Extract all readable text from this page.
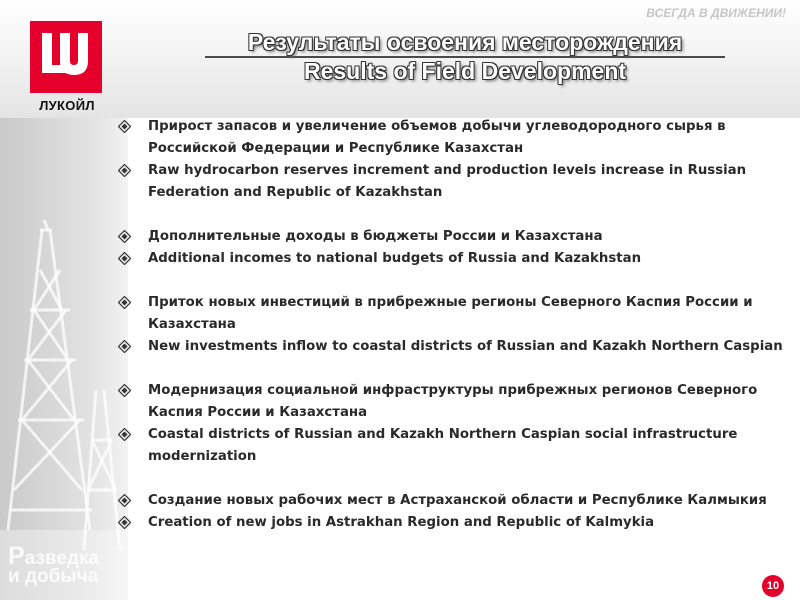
ВСЕГДА В ДВИЖЕНИИ!
ЛУКОЙЛ
Результаты освоения месторождения
Results of Field Development
Прирост запасов и увеличение объемов добычи углеводородного сырья в Российской Федерации и Республике Казахстан
Raw hydrocarbon reserves increment and production levels increase in Russian Federation and Republic of Kazakhstan
Дополнительные доходы в бюджеты России и Казахстана
Additional incomes to national budgets of Russia and Kazakhstan
Приток новых инвестиций в прибрежные регионы Северного Каспия России и Казахстана
New investments inflow to coastal districts of Russian and Kazakh Northern Caspian
Модернизация социальной инфраструктуры прибрежных регионов Северного Каспия России и Казахстана
Coastal districts of Russian and Kazakh Northern Caspian social infrastructure modernization
Создание новых рабочих мест в Астраханской области и Республике Калмыкия
Creation of new jobs in Astrakhan Region and Republic of Kalmykia
Разведка
и добыча	10
